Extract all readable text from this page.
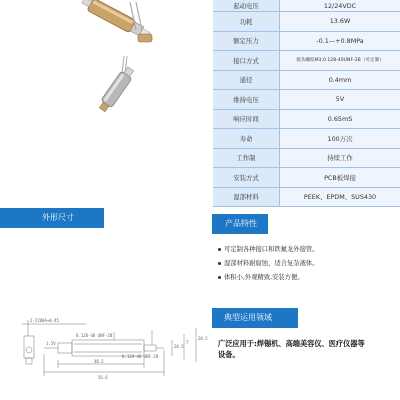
起动电压	12/24VDC
功耗	13.6W
额定压力	-0.1—+0.8MPa
接口方式	接头螺纹M3:0.128-40UNF-2B（可定制）
通径	0.4mm
维持电压	5V
响应时间	0.65mS
寿命	100万次
工作制	持续工作
安装方式	PCB板焊接
湿部材料	PEEK、EPDM、SUS430
外形尺寸
产品特性
典型运用领域
可定制各种接口和铁氟龙外接管。
湿部材料耐腐蚀，适合复杂液体。
体积小,外观精致,安装方便。
广泛应用于:焊锡机、高端美容仪、医疗仪器等设备。
2-2200A+0.45
0.128-40 UNF-2B
0.128-40 UNF-2B
1.5V
20.5
7
20.5
40.5
56.6
